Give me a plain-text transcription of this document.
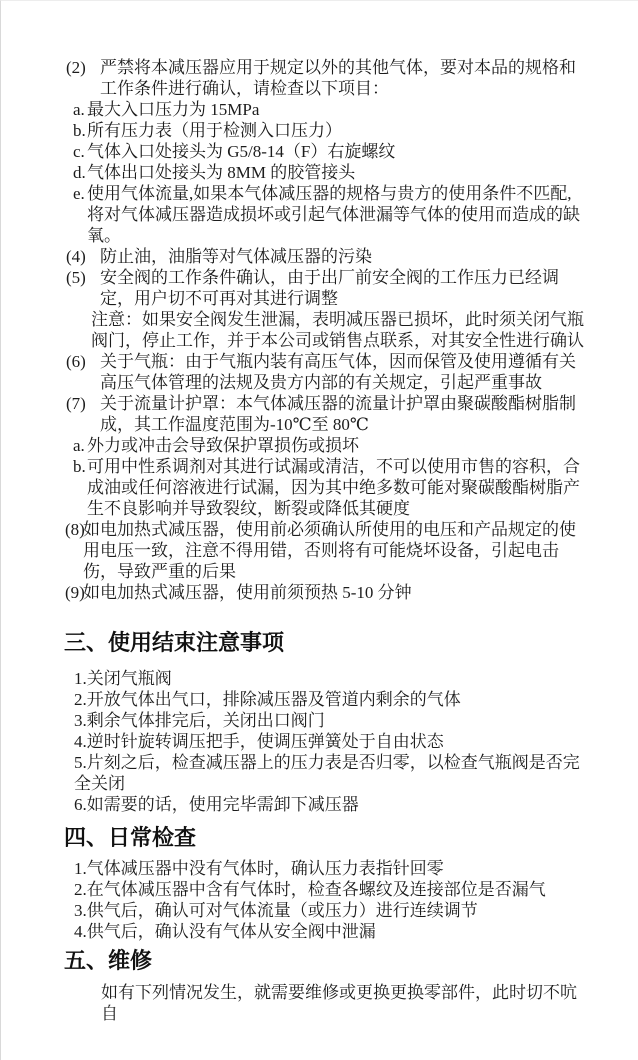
(2) 严禁将本减压器应用于规定以外的其他气体，要对本品的规格和工作条件进行确认，请检查以下项目：
a. 最大入口压力为 15MPa
b. 所有压力表（用于检测入口压力）
c. 气体入口处接头为 G5/8-14（F）右旋螺纹
d. 气体出口处接头为 8MM 的胶管接头
e. 使用气体流量,如果本气体减压器的规格与贵方的使用条件不匹配,将对气体减压器造成损坏或引起气体泄漏等气体的使用而造成的缺氧。
(4) 防止油，油脂等对气体减压器的污染
(5) 安全阀的工作条件确认，由于出厂前安全阀的工作压力已经调定，用户切不可再对其进行调整
注意：如果安全阀发生泄漏，表明减压器已损坏，此时须关闭气瓶阀门，停止工作，并于本公司或销售点联系，对其安全性进行确认
(6) 关于气瓶：由于气瓶内装有高压气体，因而保管及使用遵循有关高压气体管理的法规及贵方内部的有关规定，引起严重事故
(7) 关于流量计护罩：本气体减压器的流量计护罩由聚碳酸酯树脂制成，其工作温度范围为-10℃至 80℃
a. 外力或冲击会导致保护罩损伤或损坏
b. 可用中性系调剂对其进行试漏或清洁，不可以使用市售的容积，合成油或任何溶液进行试漏，因为其中绝多数可能对聚碳酸酯树脂产生不良影响并导致裂纹，断裂或降低其硬度
(8)
如电加热式减压器，使用前必须确认所使用的电压和产品规定的使用电压一致，注意不得用错，否则将有可能烧坏设备，引起电击伤，导致严重的后果
(9)
如电加热式减压器，使用前须预热 5-10 分钟
三、使用结束注意事项
1.关闭气瓶阀
2.开放气体出气口，排除减压器及管道内剩余的气体
3.剩余气体排完后，关闭出口阀门
4.逆时针旋转调压把手，使调压弹簧处于自由状态
5.片刻之后，检查减压器上的压力表是否归零，以检查气瓶阀是否完全关闭
6.如需要的话，使用完毕需卸下减压器
四、日常检查
1.气体减压器中没有气体时，确认压力表指针回零
2.在气体减压器中含有气体时，检查各螺纹及连接部位是否漏气
3.供气后，确认可对气体流量（或压力）进行连续调节
4.供气后，确认没有气体从安全阀中泄漏
五、维修

如有下列情况发生，就需要维修或更换更换零部件，此时切不吭自
